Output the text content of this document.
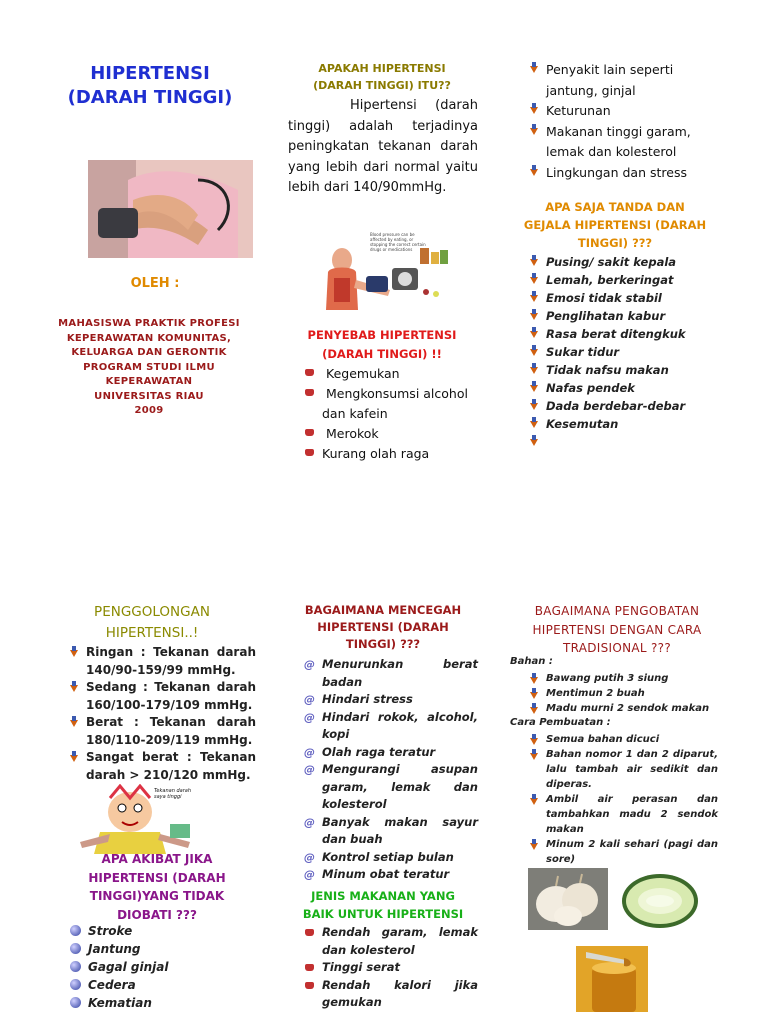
HIPERTENSI
(DARAH TINGGI)
OLEH :
MAHASISWA PRAKTIK PROFESI
KEPERAWATAN KOMUNITAS,
KELUARGA DAN GERONTIK
PROGRAM STUDI ILMU
KEPERAWATAN
UNIVERSITAS RIAU
2009
APAKAH HIPERTENSI
(DARAH TINGGI) ITU??
Hipertensi (darah tinggi) adalah terjadinya peningkatan tekanan darah yang lebih dari normal yaitu lebih dari 140/90mmHg.
Blood pressure can be affected by eating, or stopping the correct certain drugs or medications
PENYEBAB HIPERTENSI
(DARAH TINGGI) !!
Kegemukan
Mengkonsumsi alcohol dan kafein
Merokok
Kurang olah raga
Penyakit lain seperti jantung, ginjal
Keturunan
Makanan tinggi garam, lemak dan kolesterol
Lingkungan dan stress
APA SAJA TANDA DAN
GEJALA HIPERTENSI (DARAH
TINGGI) ???
Pusing/ sakit kepala
Lemah, berkeringat
Emosi tidak stabil
Penglihatan kabur
Rasa berat ditengkuk
Sukar tidur
Tidak nafsu makan
Nafas pendek
Dada berdebar-debar
Kesemutan
PENGGOLONGAN
HIPERTENSI..!
Ringan : Tekanan darah 140/90-159/99 mmHg.
Sedang : Tekanan darah 160/100-179/109 mmHg.
Berat : Tekanan darah 180/110-209/119 mmHg.
Sangat berat : Tekanan darah > 210/120 mmHg.
Tekanan darah saya tinggi
APA AKIBAT JIKA
HIPERTENSI (DARAH
TINGGI)YANG TIDAK
DIOBATI ???
Stroke
Jantung
Gagal ginjal
Cedera
Kematian
BAGAIMANA MENCEGAH
HIPERTENSI (DARAH
TINGGI) ???
@ Menurunkan berat badan
@ Hindari stress
@ Hindari rokok, alcohol, kopi
@ Olah raga teratur
@ Mengurangi asupan garam, lemak dan kolesterol
@ Banyak makan sayur dan buah
@ Kontrol setiap bulan
@ Minum obat teratur
JENIS MAKANAN YANG
BAIK UNTUK HIPERTENSI
Rendah garam, lemak dan kolesterol
Tinggi serat
Rendah kalori jika gemukan
BAGAIMANA PENGOBATAN
HIPERTENSI DENGAN CARA
TRADISIONAL ???
Bahan :
Bawang putih 3 siung
Mentimun 2 buah
Madu murni 2 sendok makan
Cara Pembuatan :
Semua bahan dicuci
Bahan nomor 1 dan 2 diparut, lalu tambah air sedikit dan diperas.
Ambil air perasan dan tambahkan madu 2 sendok makan
Minum 2 kali sehari (pagi dan sore)
